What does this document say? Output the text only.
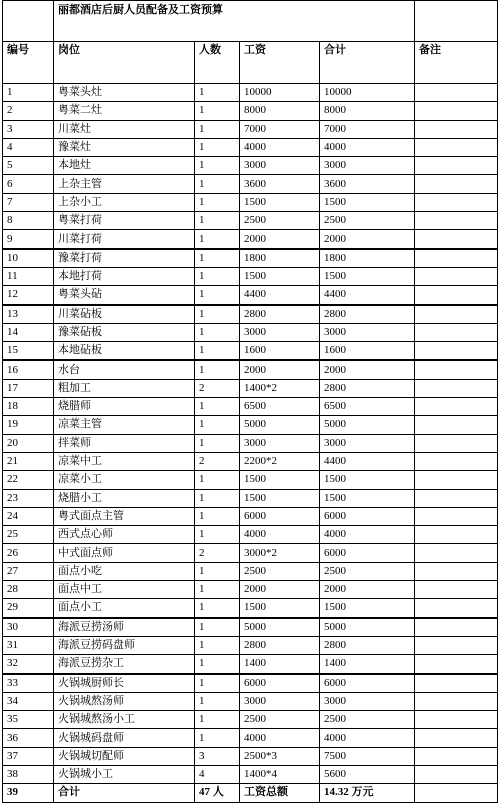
	丽都酒店后厨人员配备及工资预算				
编号	岗位	人数	工资	合计	备注
1	粤菜头灶	1	10000	10000	
2	粤菜二灶	1	8000	8000	
3	川菜灶	1	7000	7000	
4	豫菜灶	1	4000	4000	
5	本地灶	1	3000	3000	
6	上杂主管	1	3600	3600	
7	上杂小工	1	1500	1500	
8	粤菜打荷	1	2500	2500	
9	川菜打荷	1	2000	2000	
10	豫菜打荷	1	1800	1800	
11	本地打荷	1	1500	1500	
12	粤菜头砧	1	4400	4400	
13	川菜砧板	1	2800	2800	
14	豫菜砧板	1	3000	3000	
15	本地砧板	1	1600	1600	
16	水台	1	2000	2000	
17	粗加工	2	1400*2	2800	
18	烧腊师	1	6500	6500	
19	凉菜主管	1	5000	5000	
20	拌菜师	1	3000	3000	
21	凉菜中工	2	2200*2	4400	
22	凉菜小工	1	1500	1500	
23	烧腊小工	1	1500	1500	
24	粤式面点主管	1	6000	6000	
25	西式点心师	1	4000	4000	
26	中式面点师	2	3000*2	6000	
27	面点小吃	1	2500	2500	
28	面点中工	1	2000	2000	
29	面点小工	1	1500	1500	
30	海派豆捞汤师	1	5000	5000	
31	海派豆捞码盘师	1	2800	2800	
32	海派豆捞杂工	1	1400	1400	
33	火锅城厨师长	1	6000	6000	
34	火锅城熬汤师	1	3000	3000	
35	火锅城熬汤小工	1	2500	2500	
36	火锅城码盘师	1	4000	4000	
37	火锅城切配师	3	2500*3	7500	
38	火锅城小工	4	1400*4	5600	
39	合计	47 人	工资总额	14.32 万元	
